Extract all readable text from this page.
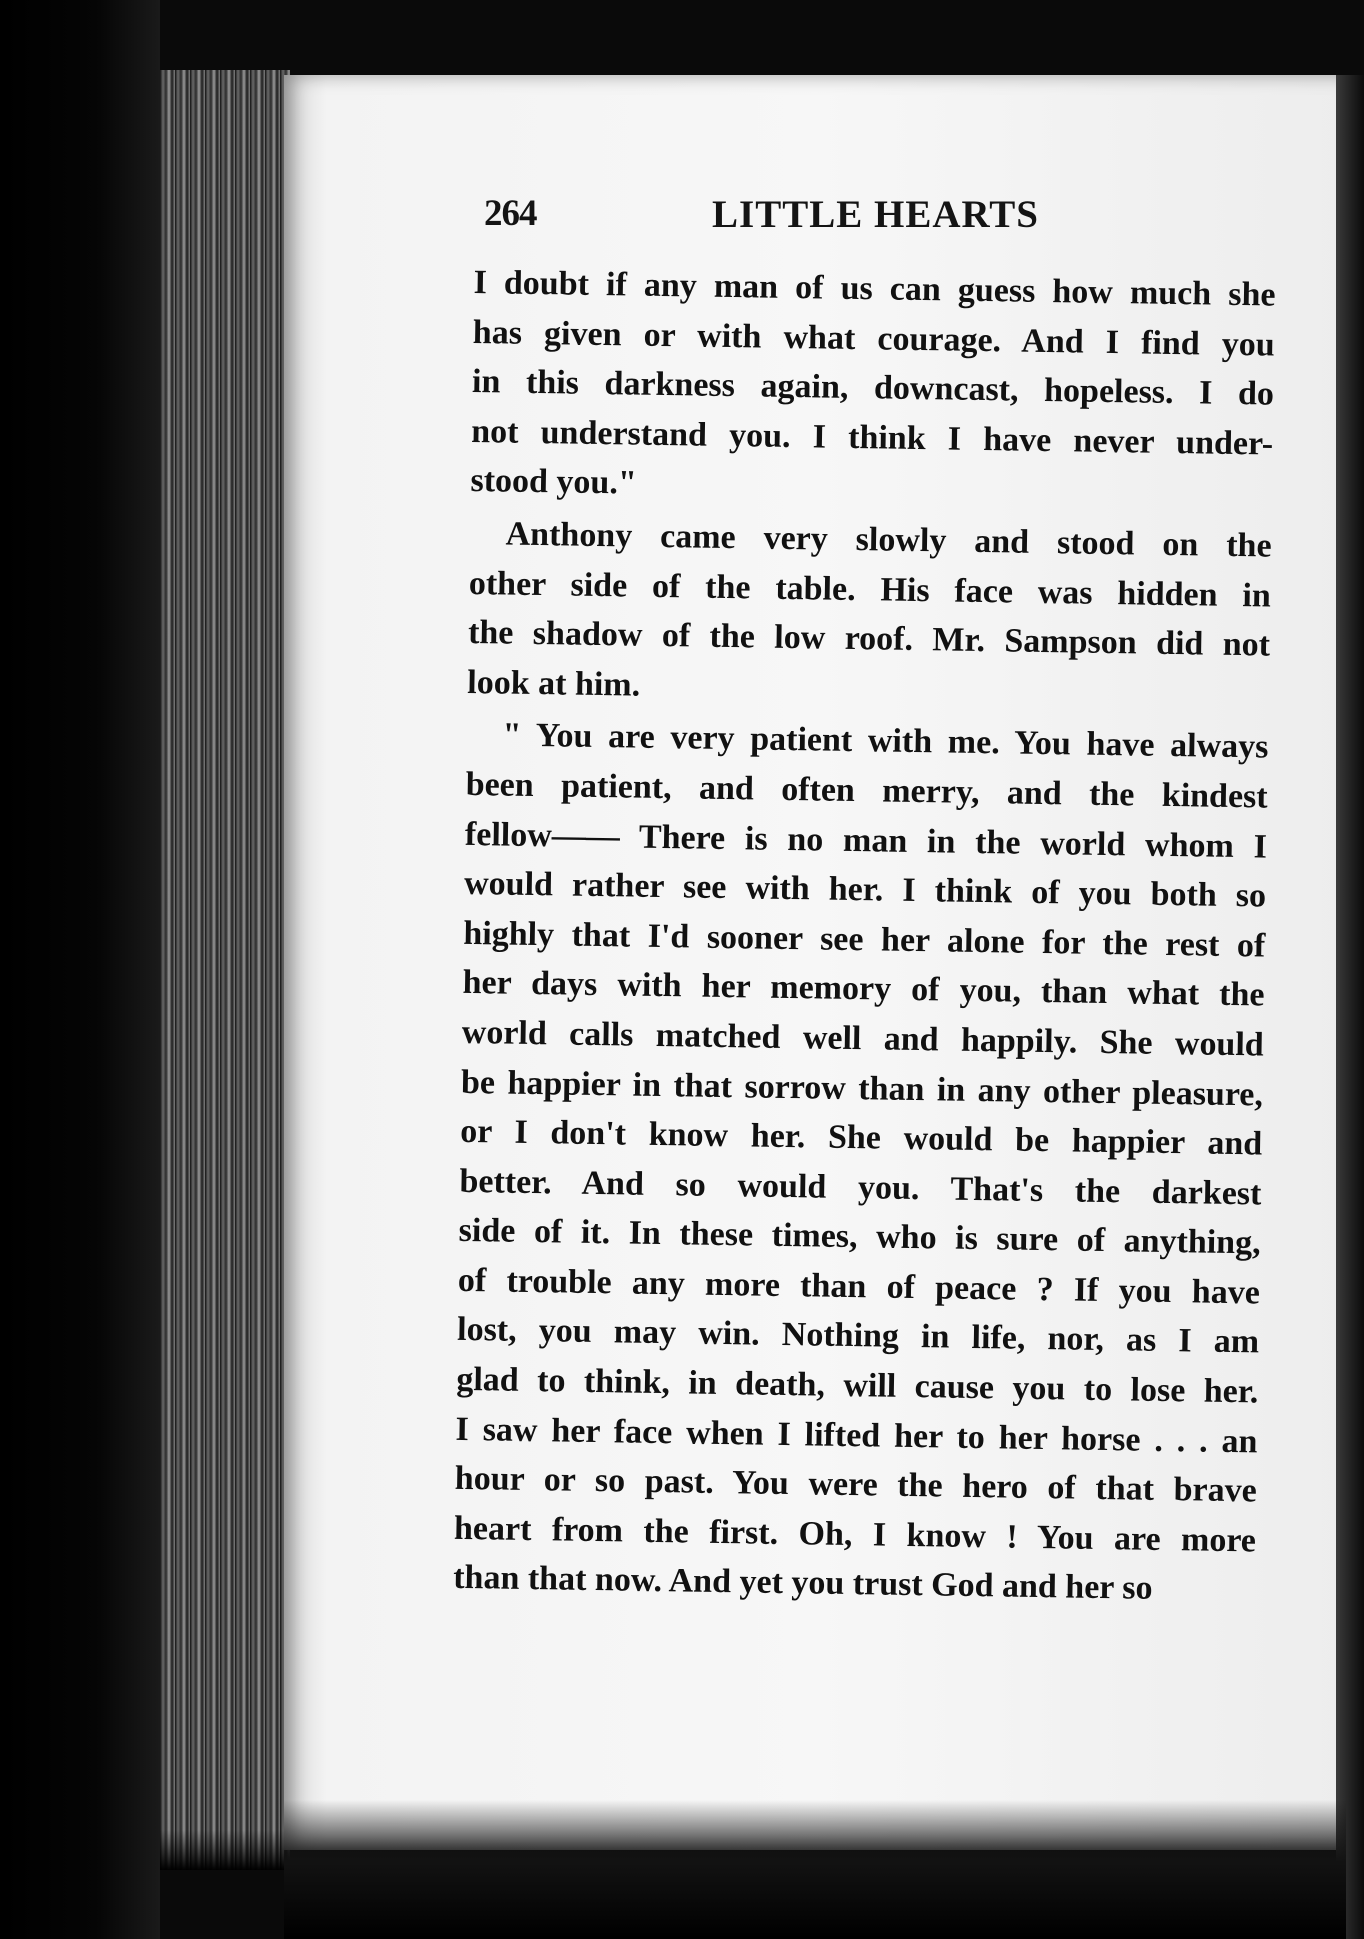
264	LITTLE HEARTS
I doubt if any man of us can guess how much she
has given or with what courage. And I find you
in this darkness again, downcast, hopeless. I do
not understand you. I think I have never under-
stood you."
Anthony came very slowly and stood on the
other side of the table. His face was hidden in
the shadow of the low roof. Mr. Sampson did not
look at him.
" You are very patient with me. You have always
been patient, and often merry, and the kindest
fellow—— There is no man in the world whom I
would rather see with her. I think of you both so
highly that I'd sooner see her alone for the rest of
her days with her memory of you, than what the
world calls matched well and happily. She would
be happier in that sorrow than in any other pleasure,
or I don't know her. She would be happier and
better. And so would you. That's the darkest
side of it. In these times, who is sure of anything,
of trouble any more than of peace ? If you have
lost, you may win. Nothing in life, nor, as I am
glad to think, in death, will cause you to lose her.
I saw her face when I lifted her to her horse . . . an
hour or so past. You were the hero of that brave
heart from the first. Oh, I know ! You are more
than that now. And yet you trust God and her so
